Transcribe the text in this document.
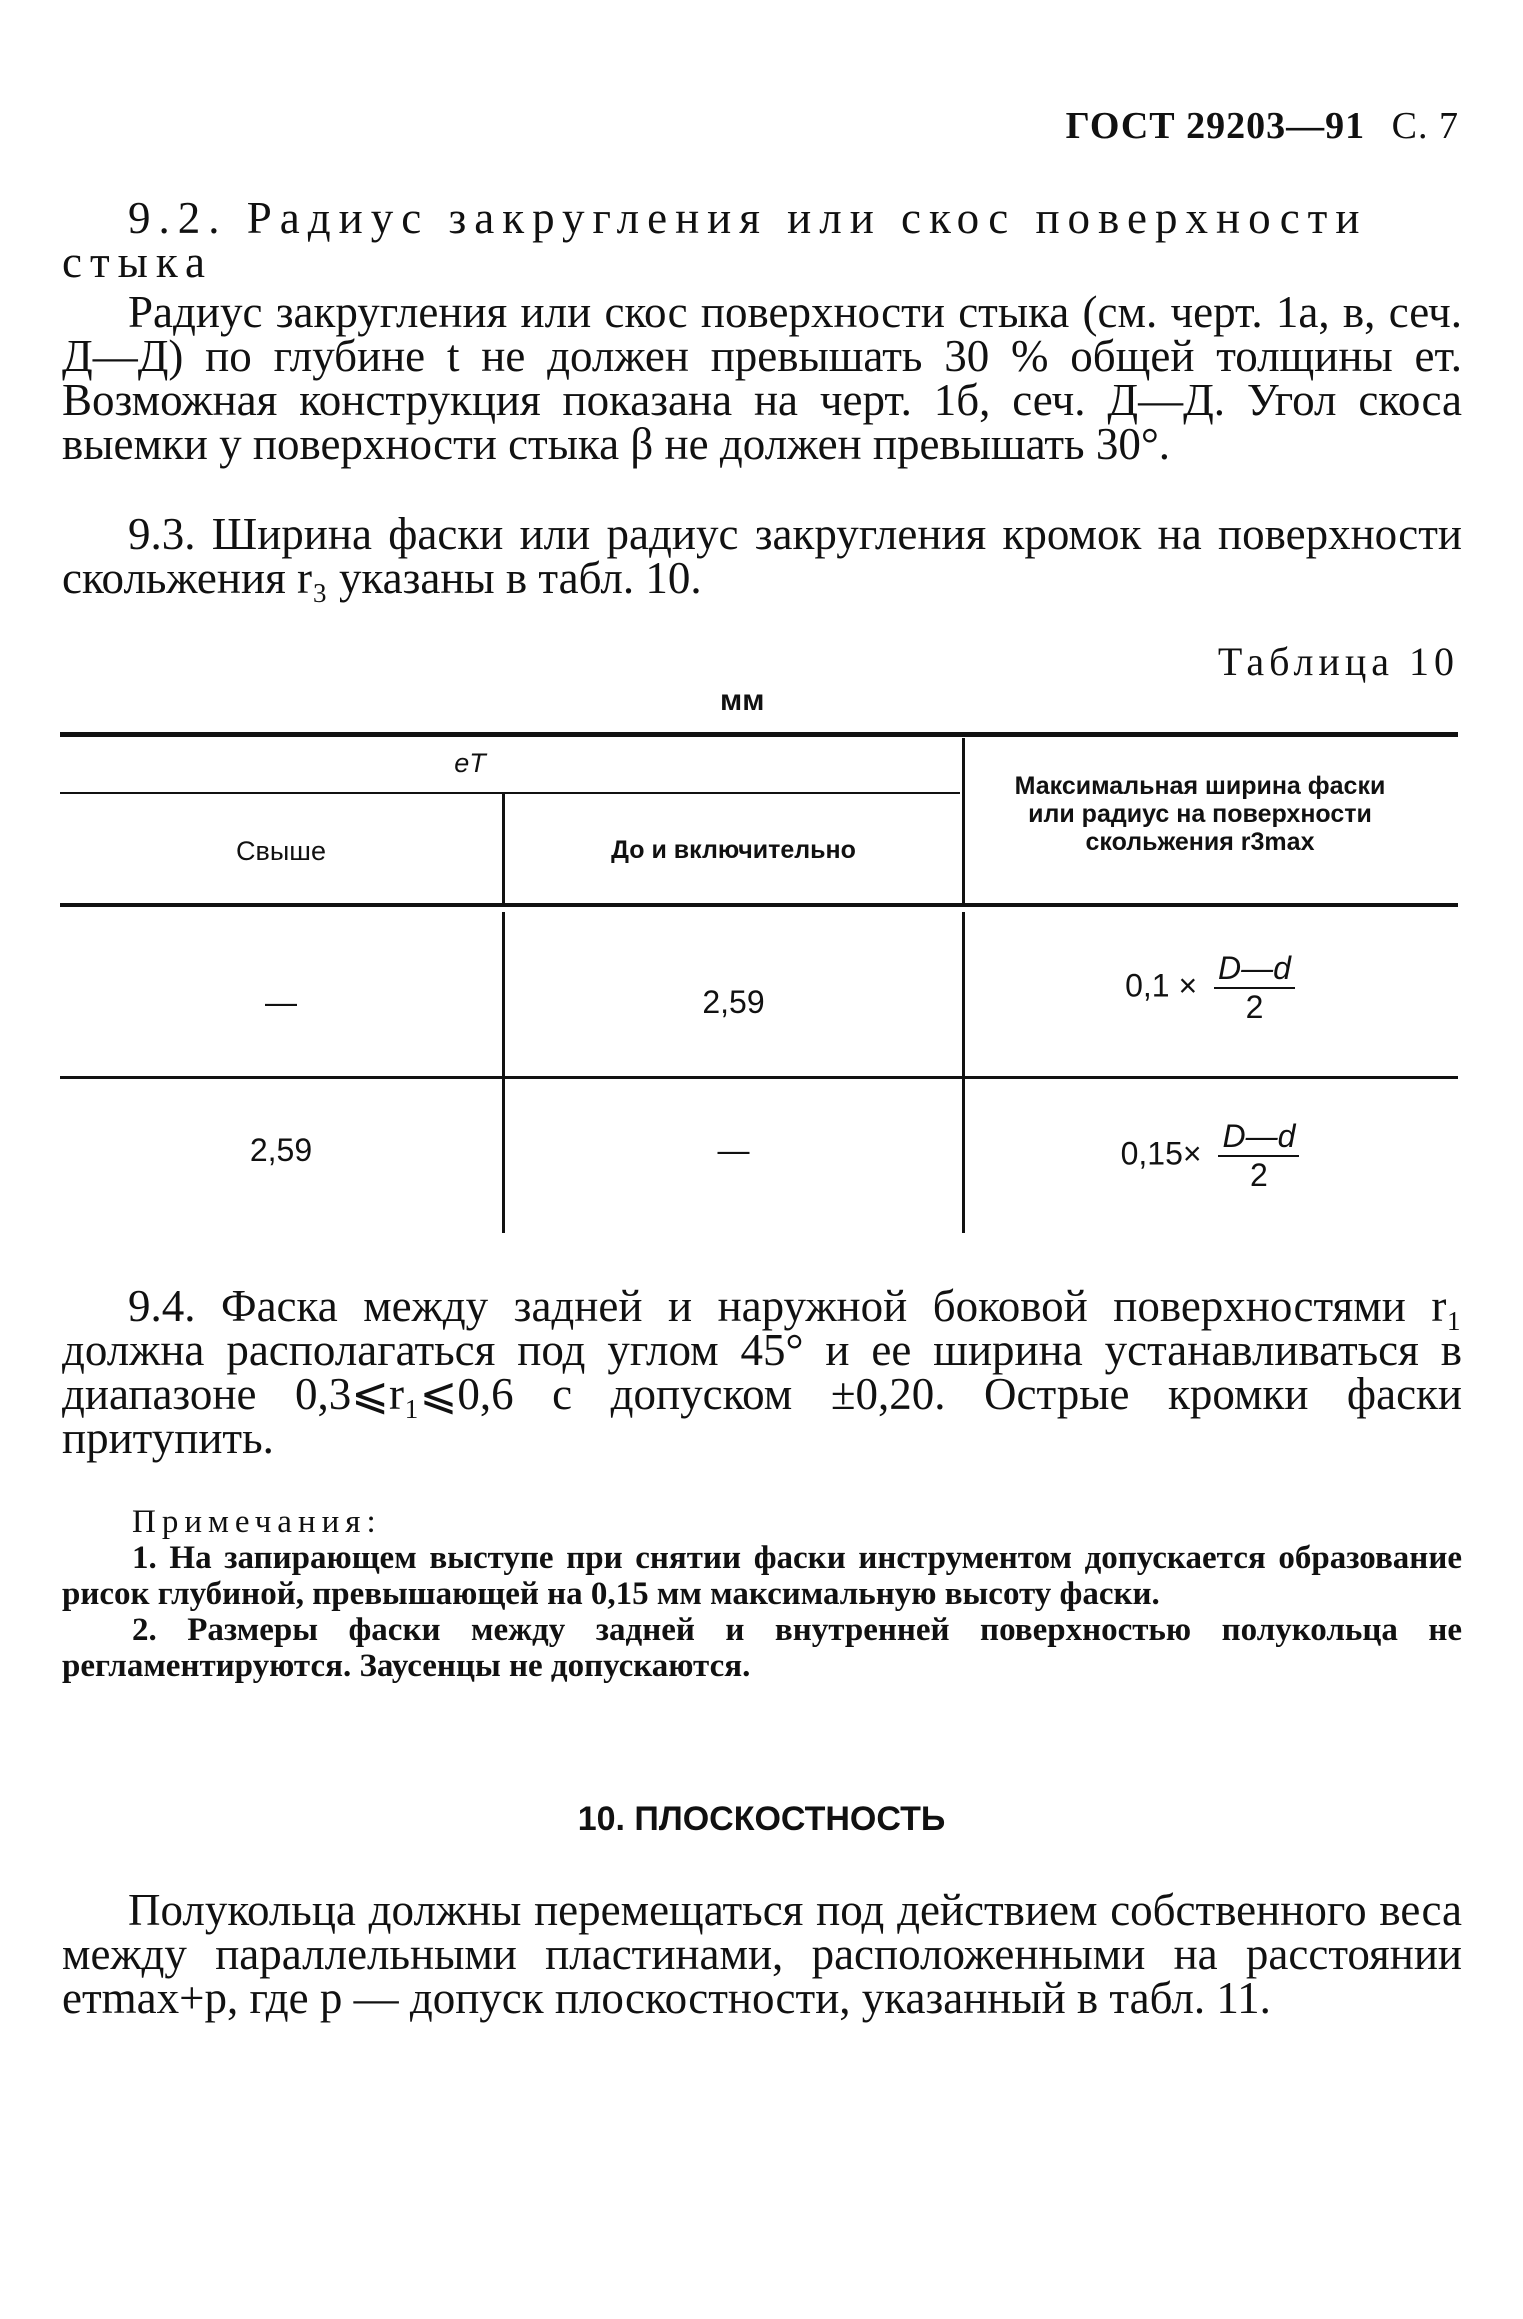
ГОСТ 29203—91 С. 7
9.2. Радиус закругления или скос поверхности стыка
Радиус закругления или скос поверхности стыка (см. черт. 1а, в, сеч. Д—Д) по глубине t не должен превышать 30 % общей толщины eт. Возможная конструкция показана на черт. 1б, сеч. Д—Д. Угол скоса выемки у поверхности стыка β не должен превышать 30°.
9.3. Ширина фаски или радиус закругления кромок на поверхности скольжения r₃ указаны в табл. 10.
Таблица 10
мм
eT
Свыше	До и включительно
Максимальная ширина фаски или радиус на поверхности скольжения r3max
—	2,59	$0,1 \times \frac{D—d}{2}$
2,59	—	$0,15\times \frac{D—d}{2}$
9.4. Фаска между задней и наружной боковой поверхностями r₁ должна располагаться под углом 45° и ее ширина устанавливаться в диапазоне 0,3⩽r₁⩽0,6 с допуском ±0,20. Острые кромки фаски притупить.
Примечания:
1. На запирающем выступе при снятии фаски инструментом допускается образование рисок глубиной, превышающей на 0,15 мм максимальную высоту фаски.
2. Размеры фаски между задней и внутренней поверхностью полукольца не регламентируются. Заусенцы не допускаются.
10. ПЛОСКОСТНОСТЬ
Полукольца должны перемещаться под действием собственного веса между параллельными пластинами, расположенными на расстоянии eтmax+p, где p — допуск плоскостности, указанный в табл. 11.
